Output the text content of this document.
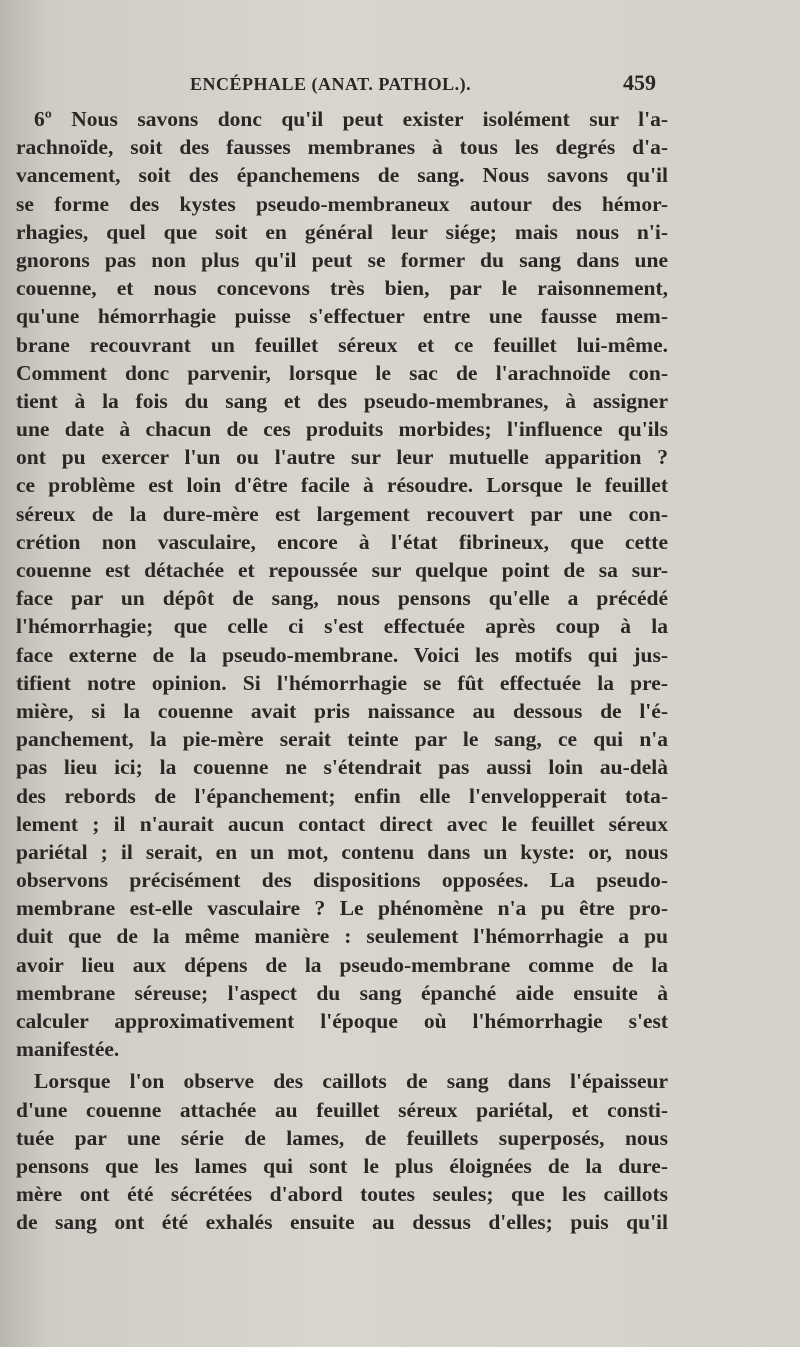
ENCÉPHALE (ANAT. PATHOL.).	459
6º Nous savons donc qu'il peut exister isolément sur l'a-
rachnoïde, soit des fausses membranes à tous les degrés d'a-
vancement, soit des épanchemens de sang. Nous savons qu'il
se forme des kystes pseudo-membraneux autour des hémor-
rhagies, quel que soit en général leur siége; mais nous n'i-
gnorons pas non plus qu'il peut se former du sang dans une
couenne, et nous concevons très bien, par le raisonnement,
qu'une hémorrhagie puisse s'effectuer entre une fausse mem-
brane recouvrant un feuillet séreux et ce feuillet lui-même.
Comment donc parvenir, lorsque le sac de l'arachnoïde con-
tient à la fois du sang et des pseudo-membranes, à assigner
une date à chacun de ces produits morbides; l'influence qu'ils
ont pu exercer l'un ou l'autre sur leur mutuelle apparition ?
ce problème est loin d'être facile à résoudre. Lorsque le feuillet
séreux de la dure-mère est largement recouvert par une con-
crétion non vasculaire, encore à l'état fibrineux, que cette
couenne est détachée et repoussée sur quelque point de sa sur-
face par un dépôt de sang, nous pensons qu'elle a précédé
l'hémorrhagie; que celle ci s'est effectuée après coup à la
face externe de la pseudo-membrane. Voici les motifs qui jus-
tifient notre opinion. Si l'hémorrhagie se fût effectuée la pre-
mière, si la couenne avait pris naissance au dessous de l'é-
panchement, la pie-mère serait teinte par le sang, ce qui n'a
pas lieu ici; la couenne ne s'étendrait pas aussi loin au-delà
des rebords de l'épanchement; enfin elle l'envelopperait tota-
lement ; il n'aurait aucun contact direct avec le feuillet séreux
pariétal ; il serait, en un mot, contenu dans un kyste: or, nous
observons précisément des dispositions opposées. La pseudo-
membrane est-elle vasculaire ? Le phénomène n'a pu être pro-
duit que de la même manière : seulement l'hémorrhagie a pu
avoir lieu aux dépens de la pseudo-membrane comme de la
membrane séreuse; l'aspect du sang épanché aide ensuite à
calculer approximativement l'époque où l'hémorrhagie s'est
manifestée.
Lorsque l'on observe des caillots de sang dans l'épaisseur
d'une couenne attachée au feuillet séreux pariétal, et consti-
tuée par une série de lames, de feuillets superposés, nous
pensons que les lames qui sont le plus éloignées de la dure-
mère ont été sécrétées d'abord toutes seules; que les caillots
de sang ont été exhalés ensuite au dessus d'elles; puis qu'il
